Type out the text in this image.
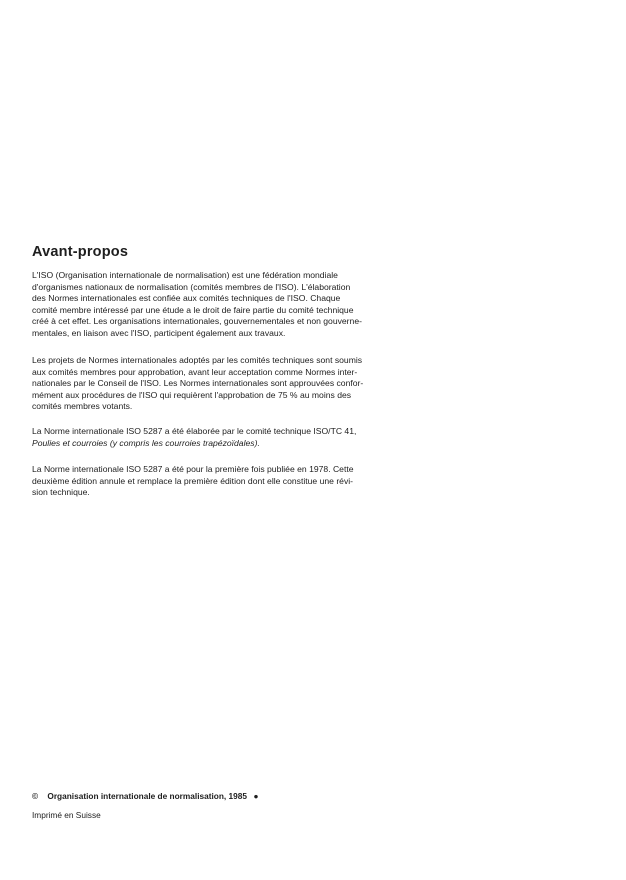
Avant-propos

L'ISO (Organisation internationale de normalisation) est une fédération mondiale
d'organismes nationaux de normalisation (comités membres de l'ISO). L'élaboration
des Normes internationales est confiée aux comités techniques de l'ISO. Chaque
comité membre intéressé par une étude a le droit de faire partie du comité technique
créé à cet effet. Les organisations internationales, gouvernementales et non gouverne-
mentales, en liaison avec l'ISO, participent également aux travaux.

Les projets de Normes internationales adoptés par les comités techniques sont soumis
aux comités membres pour approbation, avant leur acceptation comme Normes inter-
nationales par le Conseil de l'ISO. Les Normes internationales sont approuvées confor-
mément aux procédures de l'ISO qui requièrent l'approbation de 75 % au moins des
comités membres votants.

La Norme internationale ISO 5287 a été élaborée par le comité technique ISO/TC 41,
Poulies et courroies (y compris les courroies trapézoïdales).

La Norme internationale ISO 5287 a été pour la première fois publiée en 1978. Cette
deuxième édition annule et remplace la première édition dont elle constitue une révi-
sion technique.

© Organisation internationale de normalisation, 1985 ●
Imprimé en Suisse
